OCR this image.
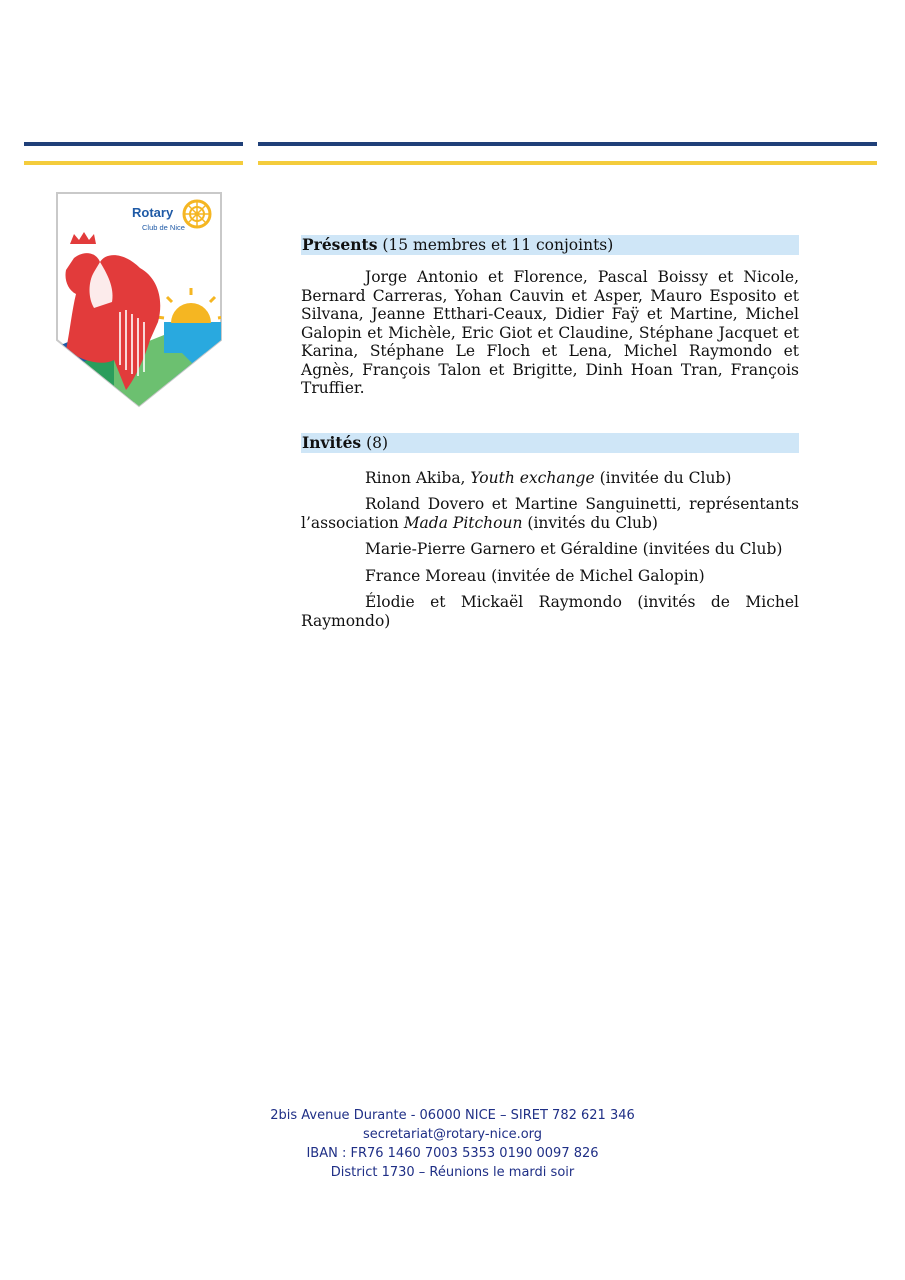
Rotary
Club de Nice
Présents (15 membres et 11 conjoints)

Jorge Antonio et Florence, Pascal Boissy et Nicole, Bernard Carreras, Yohan Cauvin et Asper, Mauro Esposito et Silvana, Jeanne Etthari-Ceaux, Didier Faÿ et Martine, Michel Galopin et Michèle, Eric Giot et Claudine, Stéphane Jacquet et Karina, Stéphane Le Floch et Lena, Michel Raymondo et Agnès, François Talon et Brigitte, Dinh Hoan Tran, François Truffier.

Invités (8)

Rinon Akiba, Youth exchange (invitée du Club)

Roland Dovero et Martine Sanguinetti, représentants l’association Mada Pitchoun (invités du Club)

Marie-Pierre Garnero et Géraldine (invitées du Club)

France Moreau (invitée de Michel Galopin)

Élodie et Mickaël Raymondo (invités de Michel Raymondo)

2bis Avenue Durante - 06000 NICE – SIRET 782 621 346
secretariat@rotary-nice.org
IBAN : FR76 1460 7003 5353 0190 0097 826
District 1730 – Réunions le mardi soir
